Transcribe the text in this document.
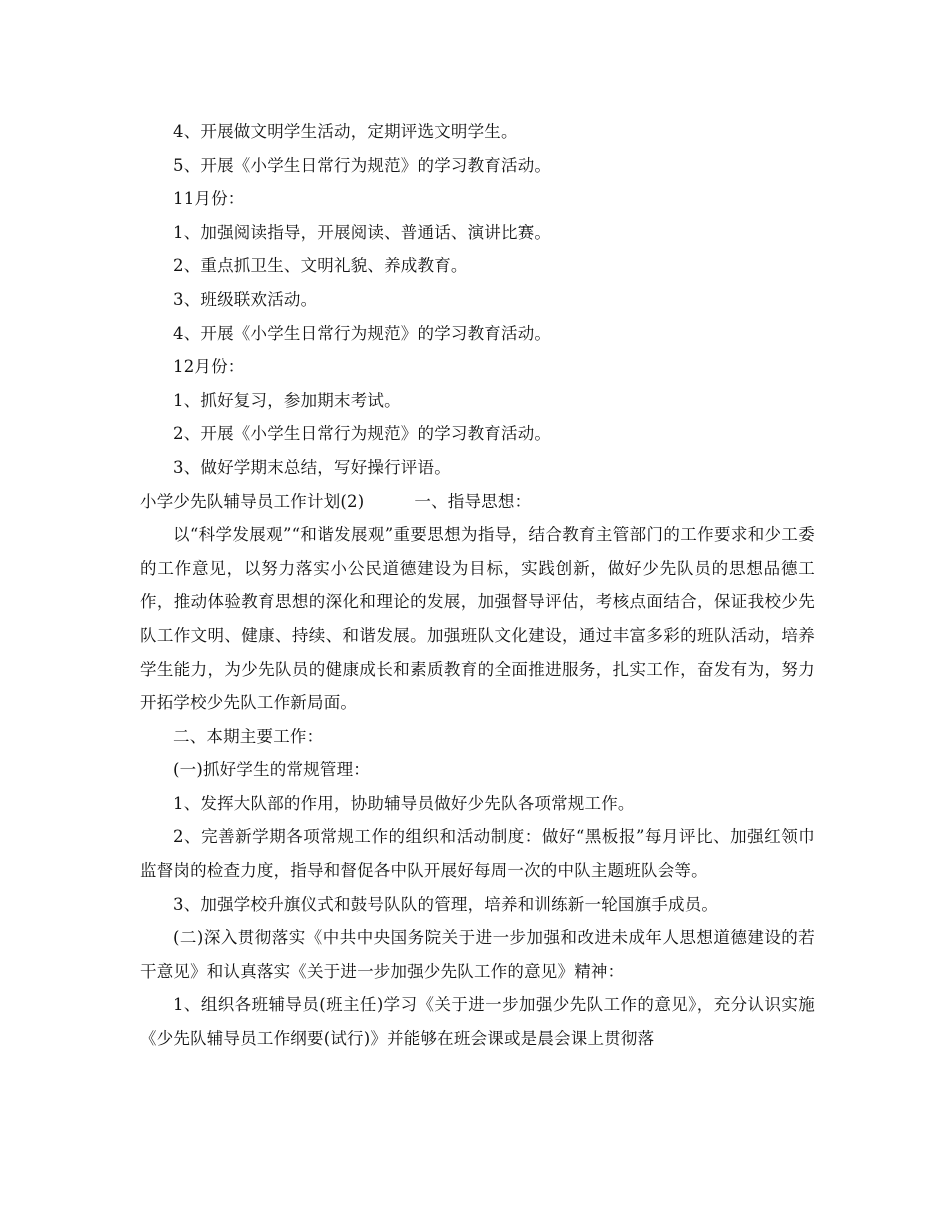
4、开展做文明学生活动，定期评选文明学生。

5、开展《小学生日常行为规范》的学习教育活动。

11月份：

1、加强阅读指导，开展阅读、普通话、演讲比赛。

2、重点抓卫生、文明礼貌、养成教育。

3、班级联欢活动。

4、开展《小学生日常行为规范》的学习教育活动。

12月份：

1、抓好复习，参加期末考试。

2、开展《小学生日常行为规范》的学习教育活动。

3、做好学期末总结，写好操行评语。

小学少先队辅导员工作计划(2)	一、指导思想：

以“科学发展观”“和谐发展观”重要思想为指导，结合教育主管部门的工作要求和少工委的工作意见，以努力落实小公民道德建设为目标，实践创新，做好少先队员的思想品德工作，推动体验教育思想的深化和理论的发展，加强督导评估，考核点面结合，保证我校少先队工作文明、健康、持续、和谐发展。加强班队文化建设，通过丰富多彩的班队活动，培养学生能力，为少先队员的健康成长和素质教育的全面推进服务，扎实工作，奋发有为，努力开拓学校少先队工作新局面。

二、本期主要工作：

(一)抓好学生的常规管理：

1、发挥大队部的作用，协助辅导员做好少先队各项常规工作。

2、完善新学期各项常规工作的组织和活动制度：做好“黑板报”每月评比、加强红领巾监督岗的检查力度，指导和督促各中队开展好每周一次的中队主题班队会等。

3、加强学校升旗仪式和鼓号队队的管理，培养和训练新一轮国旗手成员。

(二)深入贯彻落实《中共中央国务院关于进一步加强和改进未成年人思想道德建设的若干意见》和认真落实《关于进一步加强少先队工作的意见》精神：

1、组织各班辅导员(班主任)学习《关于进一步加强少先队工作的意见》，充分认识实施《少先队辅导员工作纲要(试行)》并能够在班会课或是晨会课上贯彻落
